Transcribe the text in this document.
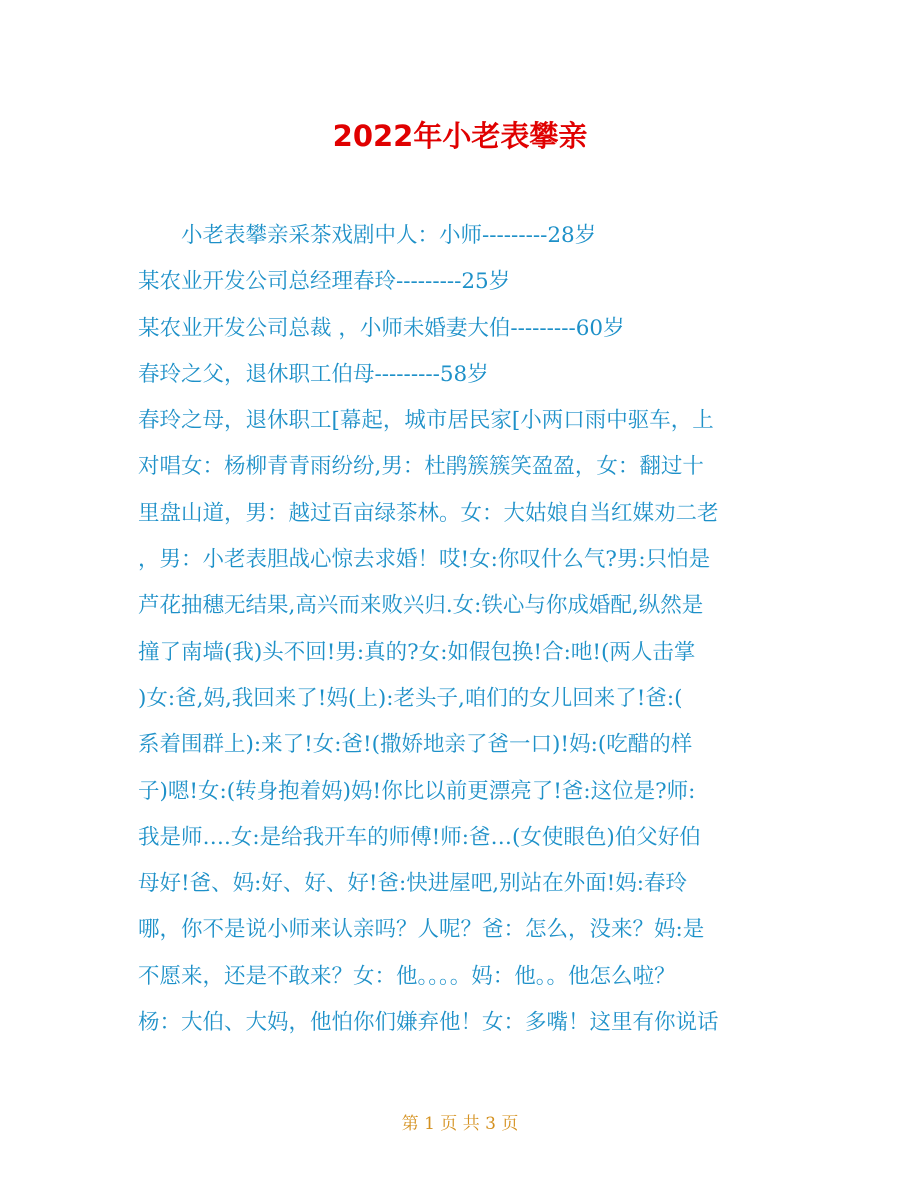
2022年小老表攀亲
小老表攀亲采茶戏剧中人：小师---------28岁
某农业开发公司总经理春玲---------25岁
某农业开发公司总裁 ，小师未婚妻大伯---------60岁
春玲之父，退休职工伯母---------58岁
春玲之母，退休职工[幕起，城市居民家[小两口雨中驱车，上
对唱女：杨柳青青雨纷纷,男：杜鹃簇簇笑盈盈，女：翻过十
里盘山道，男：越过百亩绿茶林。女：大姑娘自当红媒劝二老
，男：小老表胆战心惊去求婚！哎!女:你叹什么气?男:只怕是
芦花抽穗无结果,高兴而来败兴归.女:铁心与你成婚配,纵然是
撞了南墙(我)头不回!男:真的?女:如假包换!合:吔!(两人击掌
)女:爸,妈,我回来了!妈(上):老头子,咱们的女儿回来了!爸:(
系着围群上):来了!女:爸!(撒娇地亲了爸一口)!妈:(吃醋的样
子)嗯!女:(转身抱着妈)妈!你比以前更漂亮了!爸:这位是?师:
我是师….女:是给我开车的师傅!师:爸…(女使眼色)伯父好伯
母好!爸、妈:好、好、好!爸:快进屋吧,别站在外面!妈:春玲
哪，你不是说小师来认亲吗？人呢？爸：怎么，没来？妈:是
不愿来，还是不敢来？女：他。。。。妈：他。。他怎么啦？
杨：大伯、大妈，他怕你们嫌弃他！女：多嘴！这里有你说话
第 1 页 共 3 页
